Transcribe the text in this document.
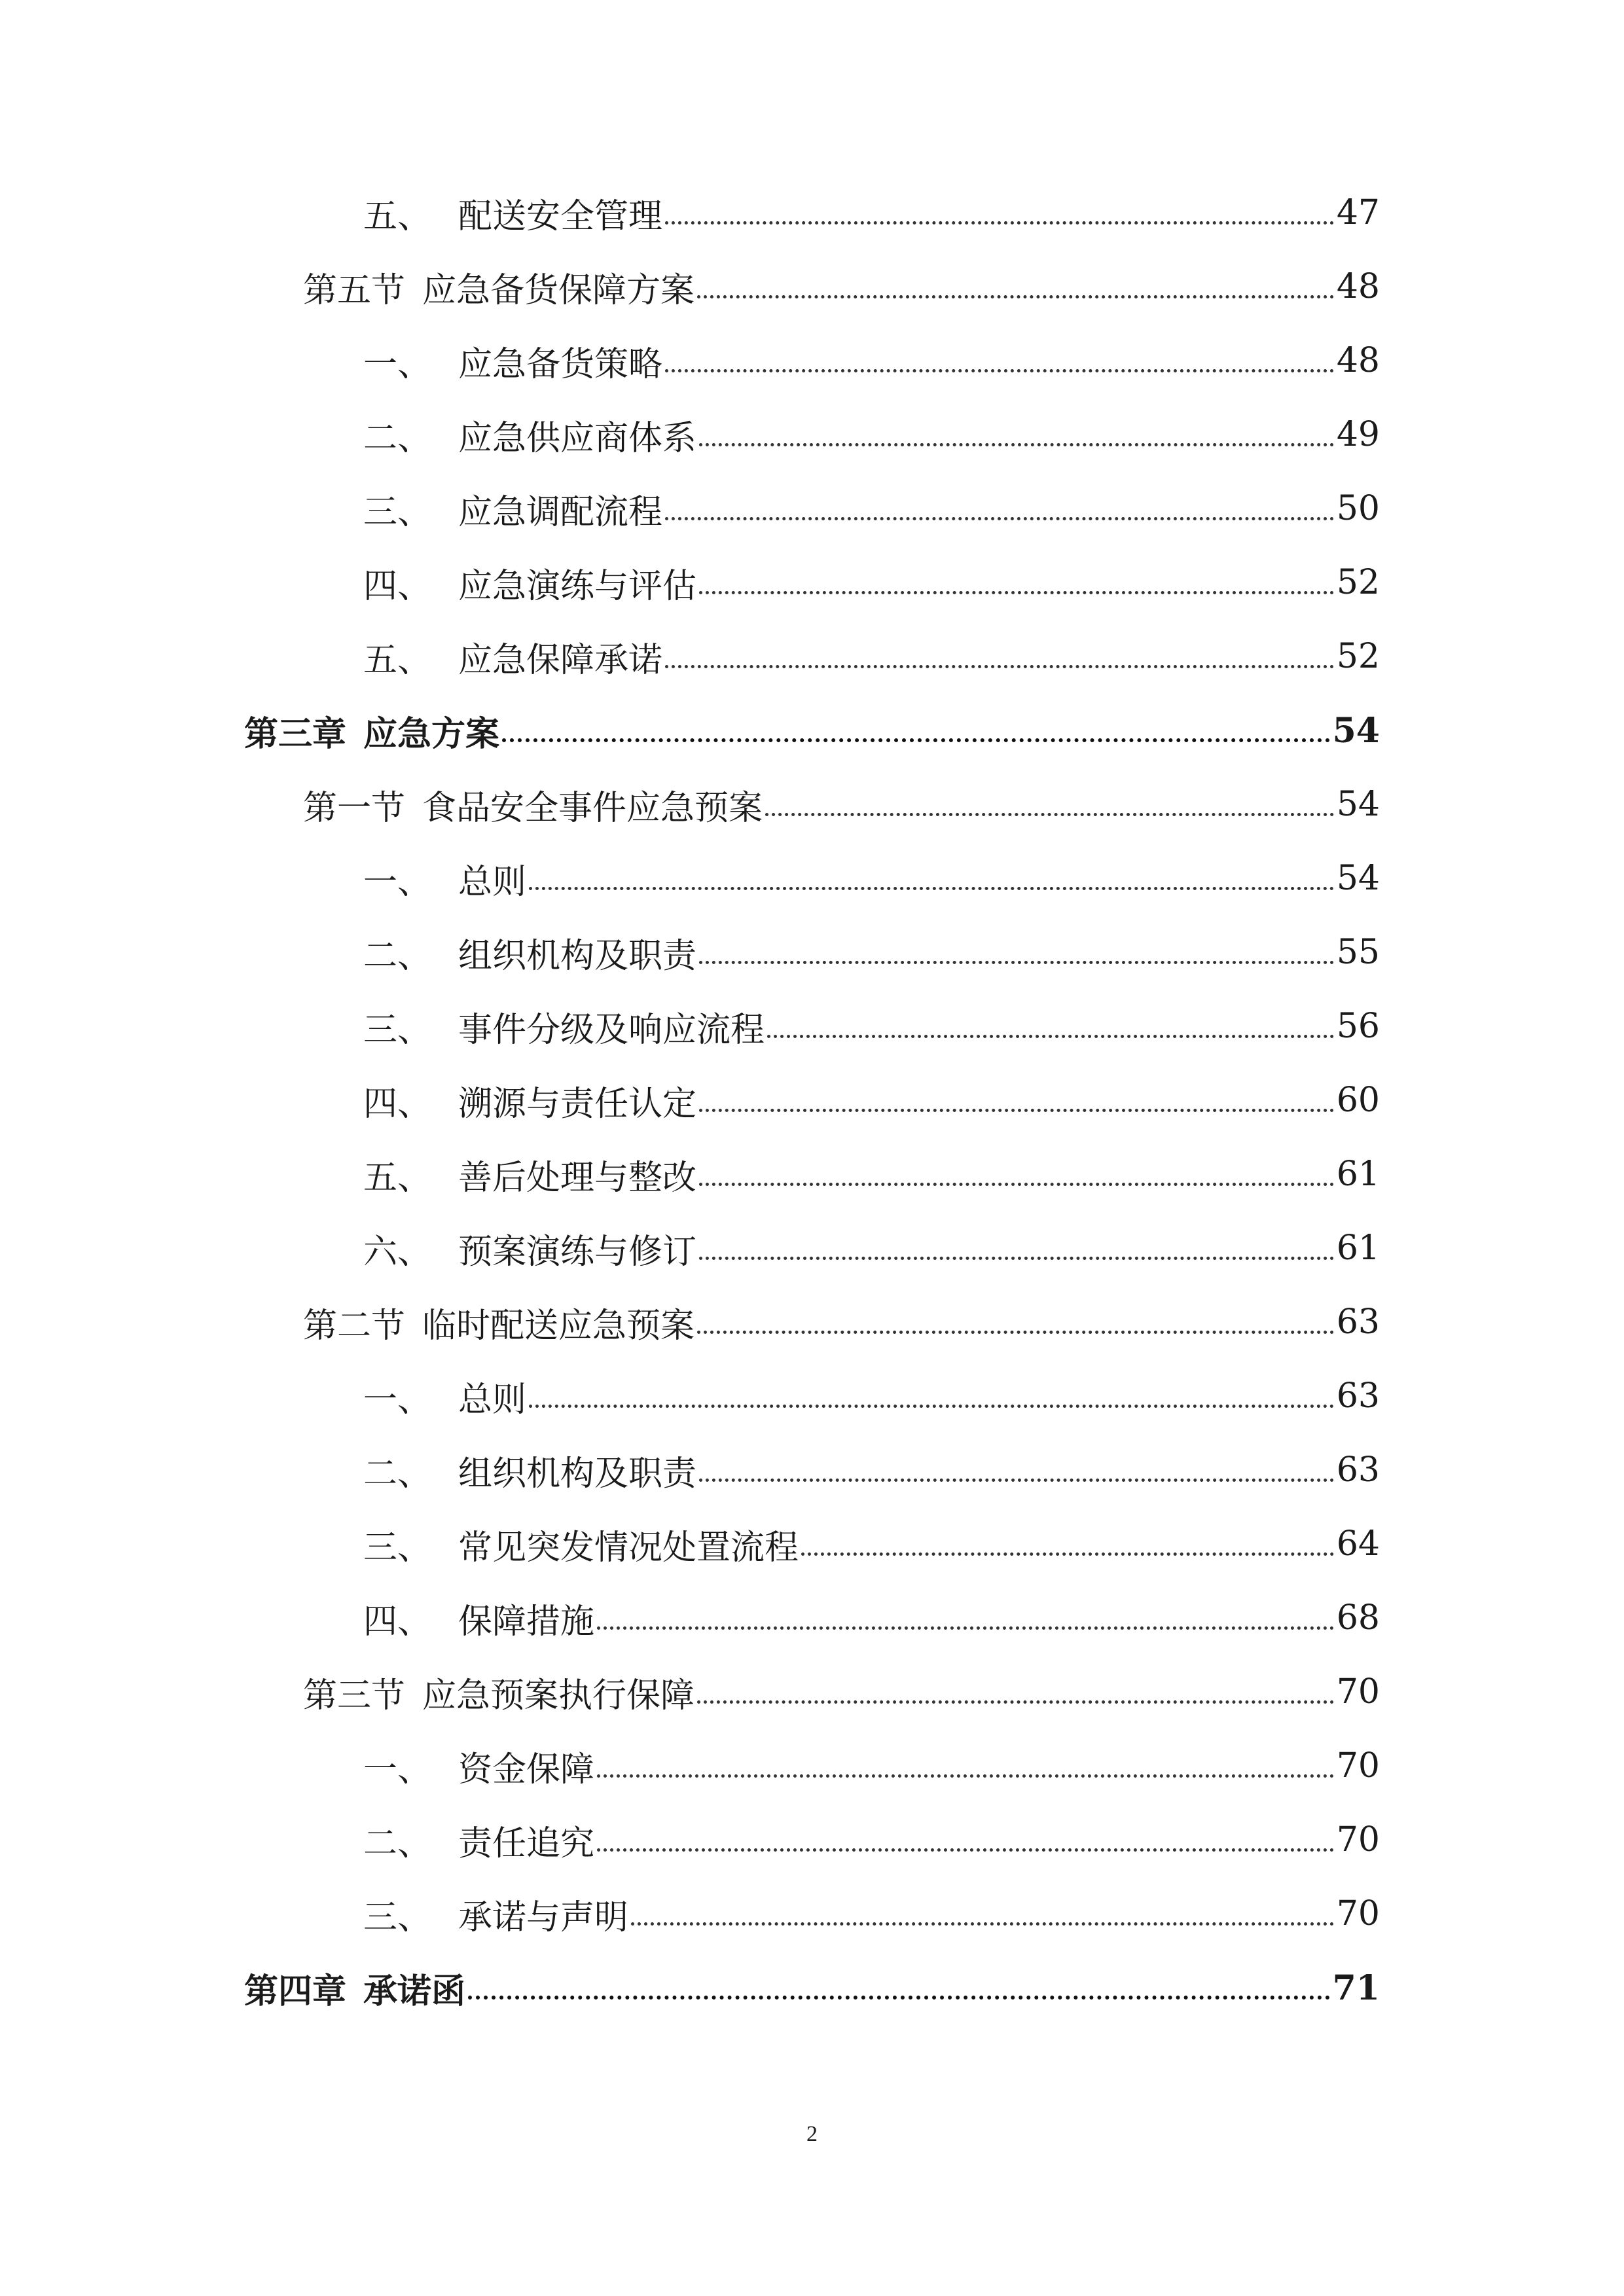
五、 配送安全管理	47
第五节 应急备货保障方案	48
一、 应急备货策略	48
二、 应急供应商体系	49
三、 应急调配流程	50
四、 应急演练与评估	52
五、 应急保障承诺	52
第三章 应急方案	54
第一节 食品安全事件应急预案	54
一、 总则	54
二、 组织机构及职责	55
三、 事件分级及响应流程	56
四、 溯源与责任认定	60
五、 善后处理与整改	61
六、 预案演练与修订	61
第二节 临时配送应急预案	63
一、 总则	63
二、 组织机构及职责	63
三、 常见突发情况处置流程	64
四、 保障措施	68
第三节 应急预案执行保障	70
一、 资金保障	70
二、 责任追究	70
三、 承诺与声明	70
第四章 承诺函	71
2
